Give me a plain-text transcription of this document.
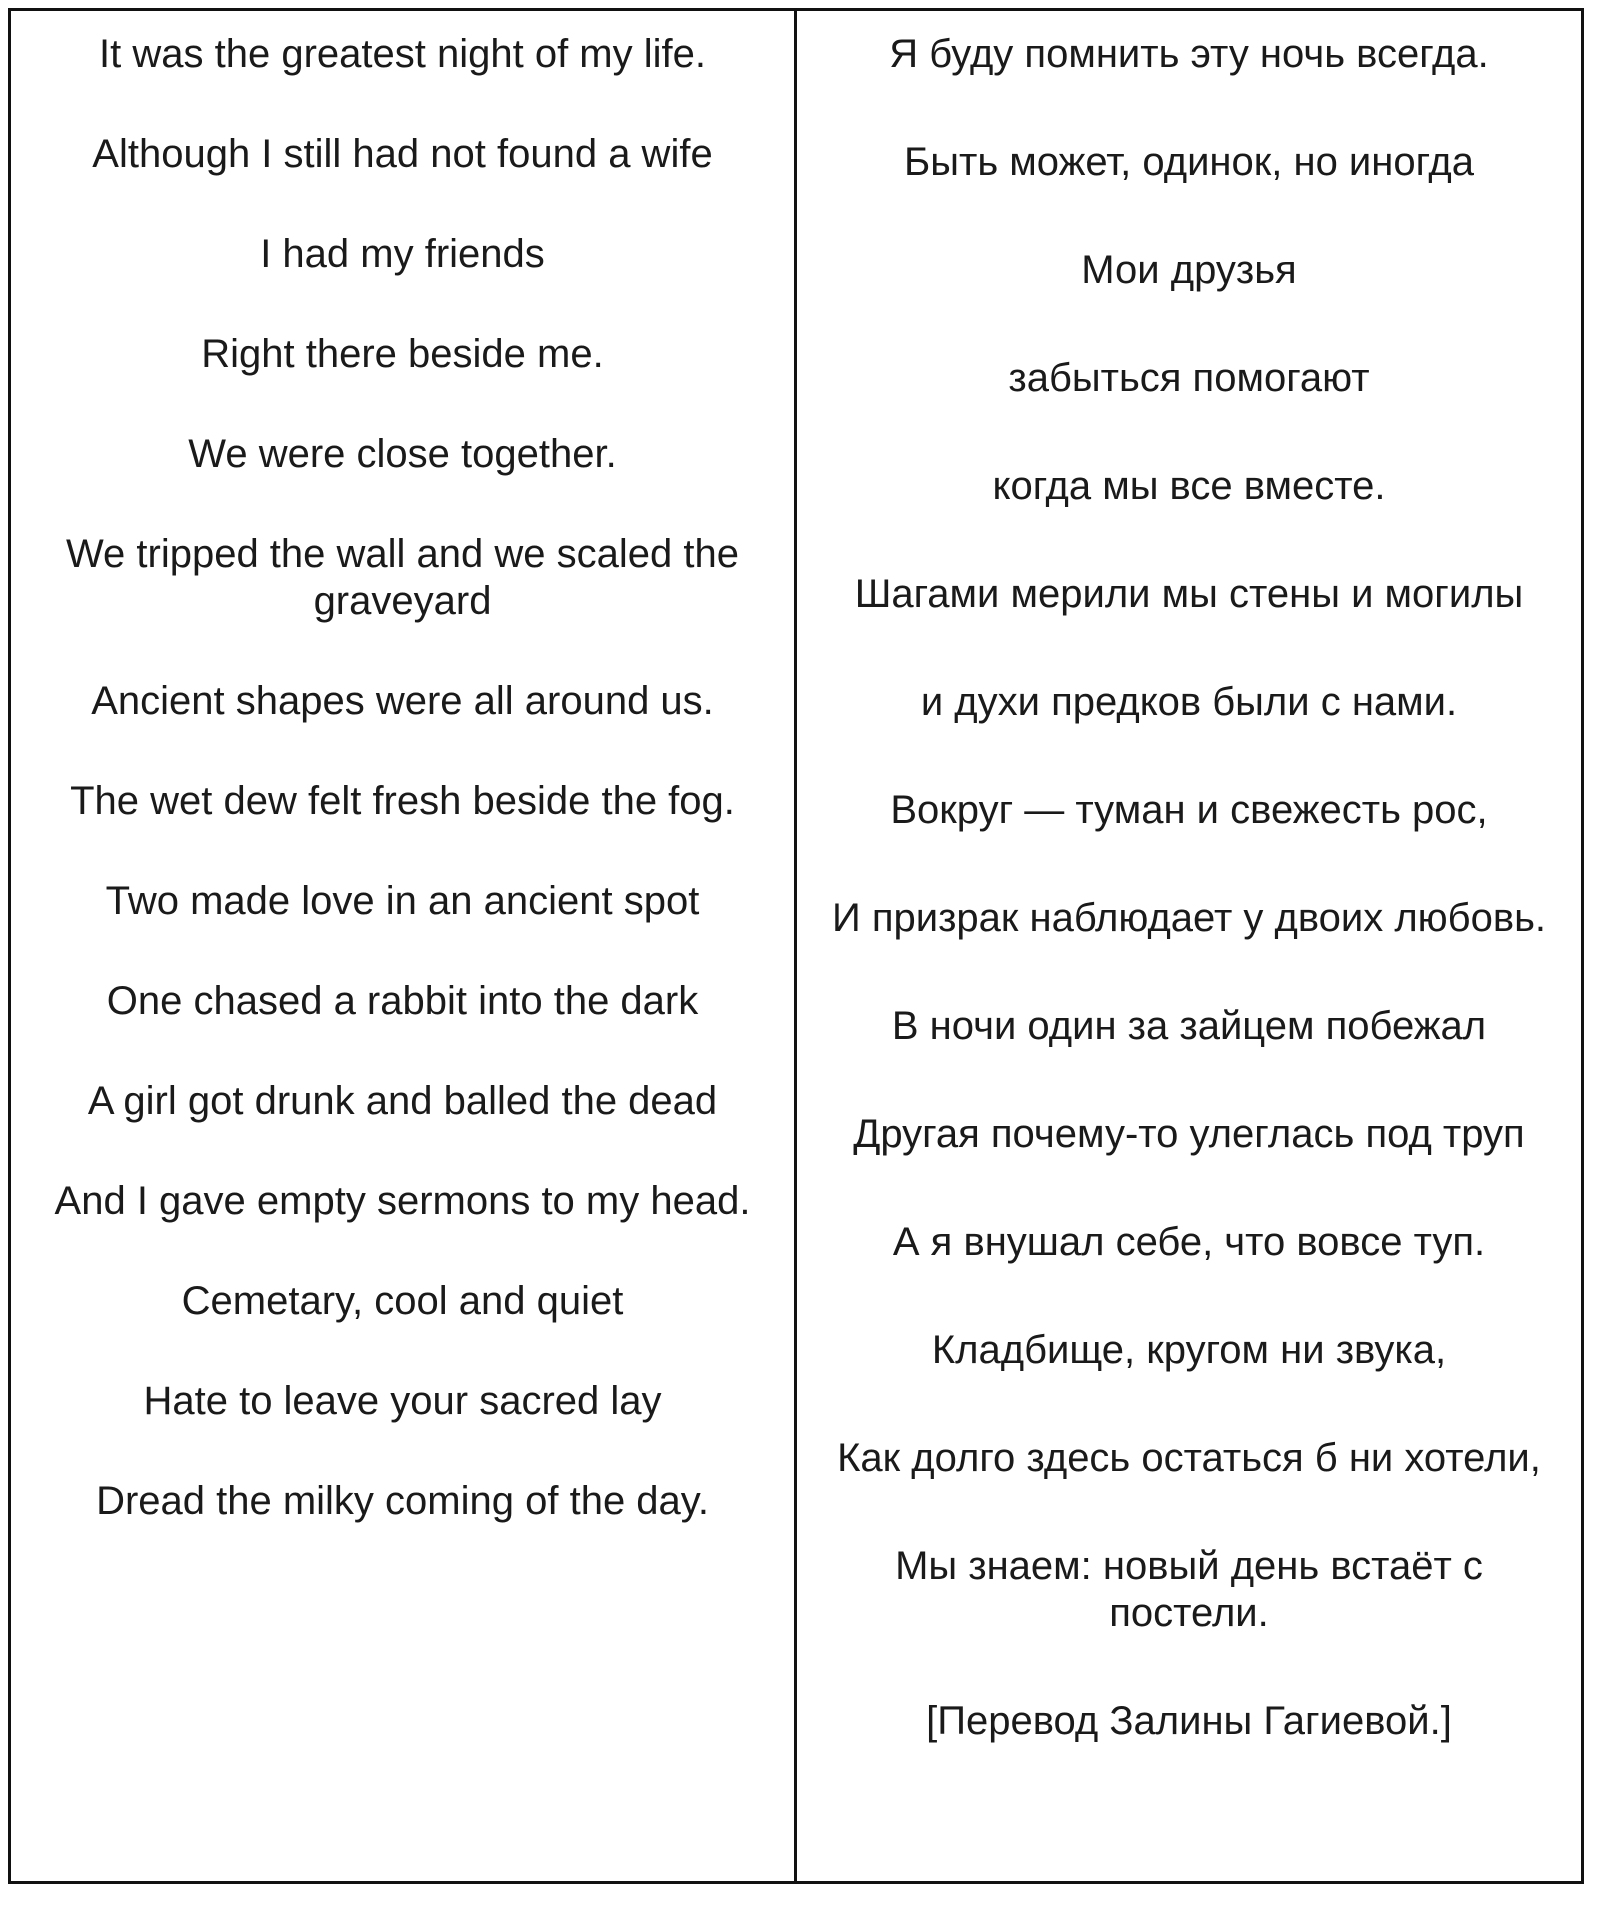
It was the greatest night of my life.

Although I still had not found a wife

I had my friends

Right there beside me.

We were close together.

We tripped the wall and we scaled the graveyard

Ancient shapes were all around us.

The wet dew felt fresh beside the fog.

Two made love in an ancient spot

One chased a rabbit into the dark

A girl got drunk and balled the dead

And I gave empty sermons to my head.

Cemetary, cool and quiet

Hate to leave your sacred lay

Dread the milky coming of the day.

Я буду помнить эту ночь всегда.

Быть может, одинок, но иногда

Мои друзья

забыться помогают

когда мы все вместе.

Шагами мерили мы стены и могилы

и духи предков были с нами.

Вокруг — туман и свежесть рос,

И призрак наблюдает у двоих любовь.

В ночи один за зайцем побежал

Другая почему-то улеглась под труп

А я внушал себе, что вовсе туп.

Кладбище, кругом ни звука,

Как долго здесь остаться б ни хотели,

Мы знаем: новый день встаёт с постели.

[Перевод Залины Гагиевой.]
